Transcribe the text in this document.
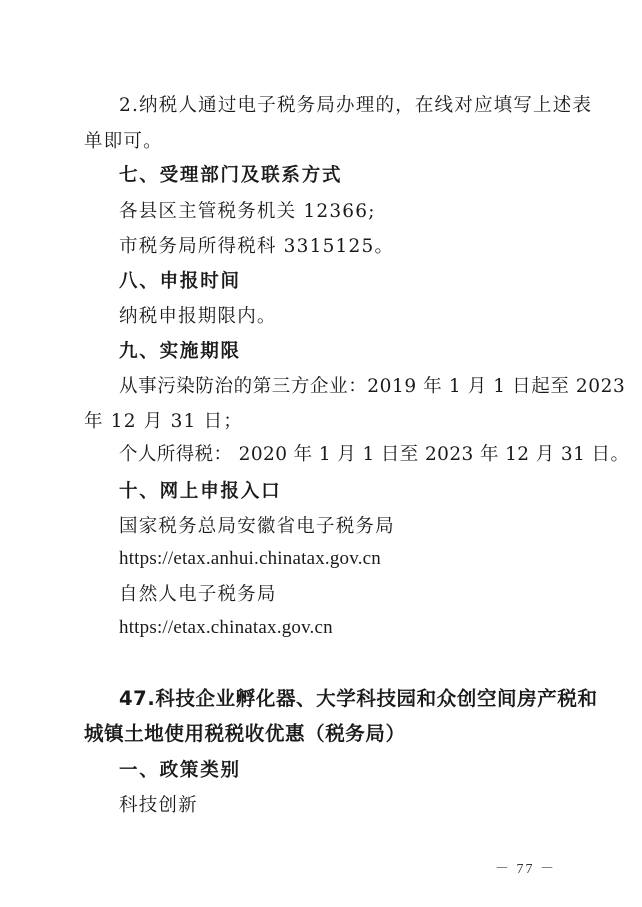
2.纳税人通过电子税务局办理的，在线对应填写上述表
单即可。
七、受理部门及联系方式
各县区主管税务机关 12366;
市税务局所得税科 3315125。
八、申报时间
纳税申报期限内。
九、实施期限
从事污染防治的第三方企业：2019 年 1 月 1 日起至 2023
年 12 月 31 日；
个人所得税： 2020 年 1 月 1 日至 2023 年 12 月 31 日。
十、网上申报入口
国家税务总局安徽省电子税务局
https://etax.anhui.chinatax.gov.cn
自然人电子税务局
https://etax.chinatax.gov.cn
47.科技企业孵化器、大学科技园和众创空间房产税和
城镇土地使用税税收优惠（税务局）
一、政策类别
科技创新
－ 77 －
